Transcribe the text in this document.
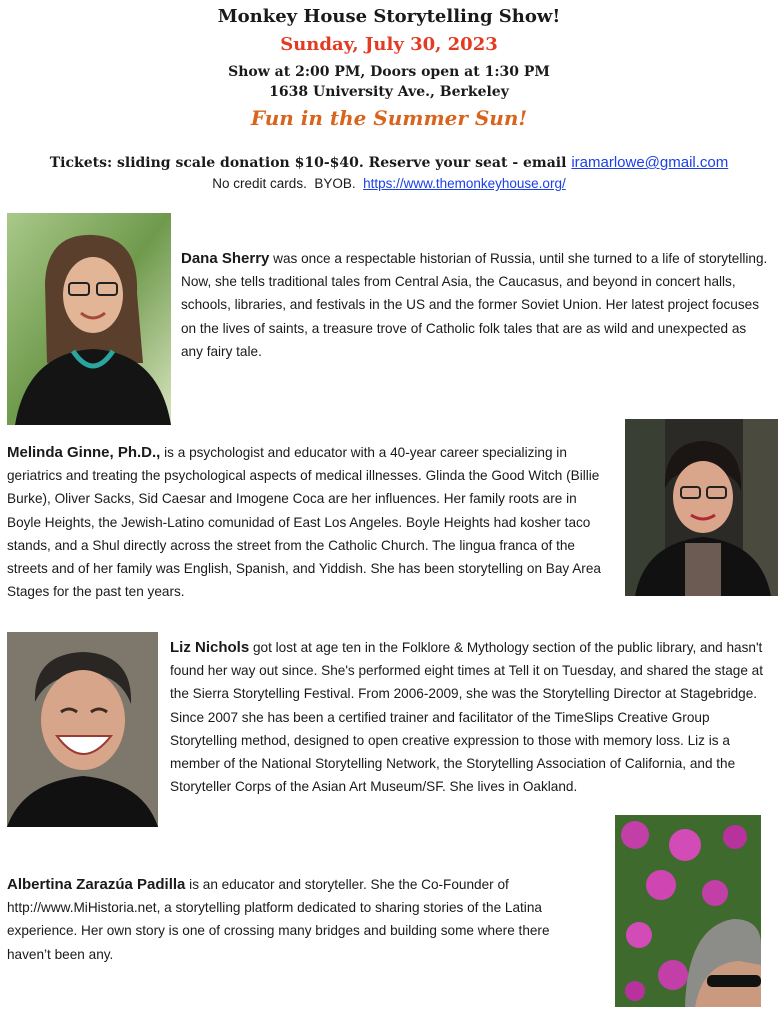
Monkey House Storytelling Show!
Sunday, July 30, 2023
Show at 2:00 PM, Doors open at 1:30 PM
1638 University Ave., Berkeley
Fun in the Summer Sun!
Tickets: sliding scale donation $10-$40. Reserve your seat - email iramarlowe@gmail.com
No credit cards.  BYOB.  https://www.themonkeyhouse.org/

Dana Sherry was once a respectable historian of Russia, until she turned to a life of storytelling. Now, she tells traditional tales from Central Asia, the Caucasus, and beyond in concert halls, schools, libraries, and festivals in the US and the former Soviet Union. Her latest project focuses on the lives of saints, a treasure trove of Catholic folk tales that are as wild and unexpected as any fairy tale.

Melinda Ginne, Ph.D., is a psychologist and educator with a 40-year career specializing in geriatrics and treating the psychological aspects of medical illnesses. Glinda the Good Witch (Billie Burke), Oliver Sacks, Sid Caesar and Imogene Coca are her influences. Her family roots are in Boyle Heights, the Jewish-Latino comunidad of East Los Angeles. Boyle Heights had kosher taco stands, and a Shul directly across the street from the Catholic Church. The lingua franca of the streets and of her family was English, Spanish, and Yiddish. She has been storytelling on Bay Area Stages for the past ten years.

Liz Nichols got lost at age ten in the Folklore & Mythology section of the public library, and hasn't found her way out since. She's performed eight times at Tell it on Tuesday, and shared the stage at the Sierra Storytelling Festival. From 2006-2009, she was the Storytelling Director at Stagebridge. Since 2007 she has been a certified trainer and facilitator of the TimeSlips Creative Group Storytelling method, designed to open creative expression to those with memory loss. Liz is a member of the National Storytelling Network, the Storytelling Association of California, and the Storyteller Corps of the Asian Art Museum/SF. She lives in Oakland.

Albertina Zarazúa Padilla is an educator and storyteller. She the Co-Founder of http://www.MiHistoria.net, a storytelling platform dedicated to sharing stories of the Latina experience. Her own story is one of crossing many bridges and building some where there haven’t been any.
